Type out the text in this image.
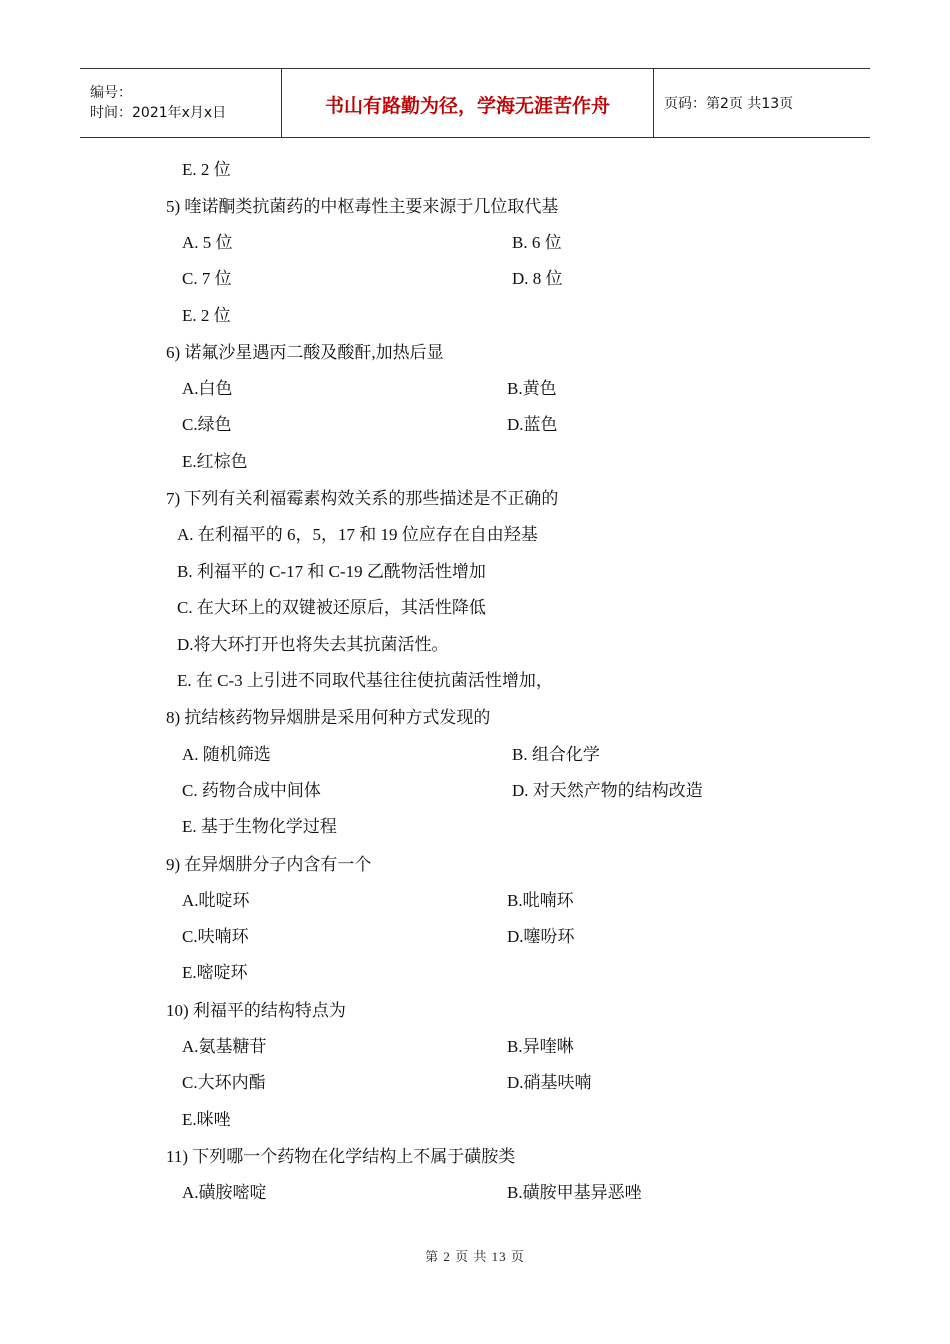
编号：
时间：2021年x月x日	书山有路勤为径，学海无涯苦作舟	页码：第2页 共13页
E. 2 位
5) 喹诺酮类抗菌药的中枢毒性主要来源于几位取代基
A. 5 位	B. 6 位
C. 7 位	D. 8 位
E. 2 位
6) 诺氟沙星遇丙二酸及酸酐,加热后显
A.白色	B.黄色
C.绿色	D.蓝色
E.红棕色
7) 下列有关利福霉素构效关系的那些描述是不正确的
A. 在利福平的 6，5，17 和 19 位应存在自由羟基
B. 利福平的 C-17 和 C-19 乙酰物活性增加
C. 在大环上的双键被还原后，其活性降低
D.将大环打开也将失去其抗菌活性。
E. 在 C-3 上引进不同取代基往往使抗菌活性增加，
8) 抗结核药物异烟肼是采用何种方式发现的
A. 随机筛选	B. 组合化学
C. 药物合成中间体	D. 对天然产物的结构改造
E. 基于生物化学过程
9) 在异烟肼分子内含有一个
A.吡啶环	B.吡喃环
C.呋喃环	D.噻吩环
E.嘧啶环
10) 利福平的结构特点为
A.氨基糖苷	B.异喹啉
C.大环内酯	D.硝基呋喃
E.咪唑
11) 下列哪一个药物在化学结构上不属于磺胺类
A.磺胺嘧啶	B.磺胺甲基异恶唑
第 2 页 共 13 页
